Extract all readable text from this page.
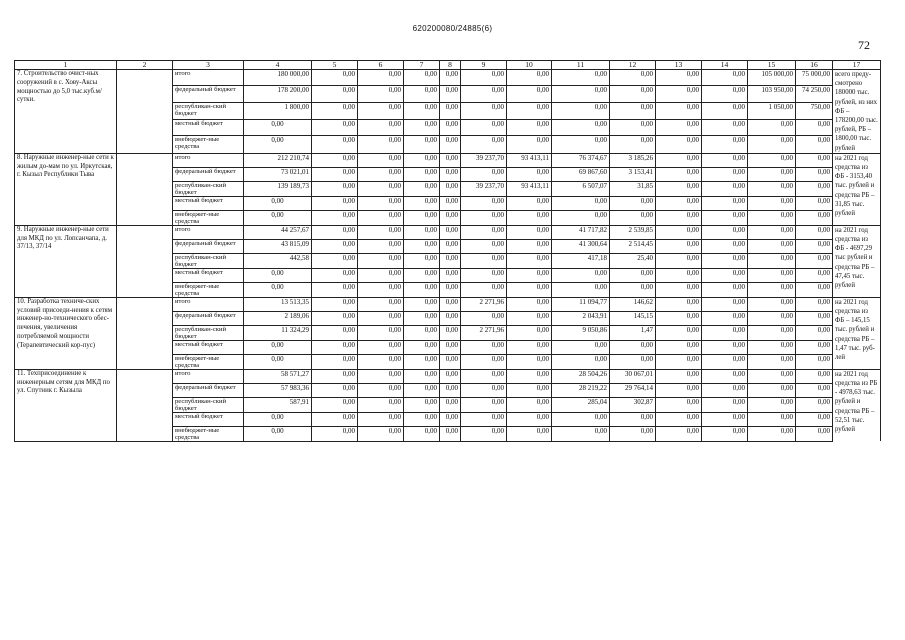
620200080/24885(6)
72
1	2	3	4	5	6	7	8	9	10	11	12	13	14	15	16	17
7. Строительство очист-ных сооружений в с. Хову-Аксы мощностью до 5,0 тыс.куб.м/сутки.		итого	180 000,00	0,00	0,00	0,00	0,00	0,00	0,00	0,00	0,00	0,00	0,00	105 000,00	75 000,00	всего преду-смотрено 180000 тыс. рублей, из них ФБ – 178200,00 тыс. рублей, РБ – 1800,00 тыс. рублей
		федеральный бюджет	178 200,00	0,00	0,00	0,00	0,00	0,00	0,00	0,00	0,00	0,00	0,00	103 950,00	74 250,00	
		республикан-ский бюджет	1 800,00	0,00	0,00	0,00	0,00	0,00	0,00	0,00	0,00	0,00	0,00	1 050,00	750,00	
		местный бюджет	0,00	0,00	0,00	0,00	0,00	0,00	0,00	0,00	0,00	0,00	0,00	0,00	0,00	
		внебюджет-ные средства	0,00	0,00	0,00	0,00	0,00	0,00	0,00	0,00	0,00	0,00	0,00	0,00	0,00	
8. Наружные инженер-ные сети к жилым до-мам по ул. Иркутская, г. Кызыл Республики Тыва		итого	212 210,74	0,00	0,00	0,00	0,00	39 237,70	93 413,11	76 374,67	3 185,26	0,00	0,00	0,00	0,00	на 2021 год средства из ФБ - 3153,40 тыс. рублей и средства РБ – 31,85 тыс. рублей
		федеральный бюджет	73 021,01	0,00	0,00	0,00	0,00	0,00	0,00	69 867,60	3 153,41	0,00	0,00	0,00	0,00	
		республикан-ский бюджет	139 189,73	0,00	0,00	0,00	0,00	39 237,70	93 413,11	6 507,07	31,85	0,00	0,00	0,00	0,00	
		местный бюджет	0,00	0,00	0,00	0,00	0,00	0,00	0,00	0,00	0,00	0,00	0,00	0,00	0,00	
		внебюджет-ные средства	0,00	0,00	0,00	0,00	0,00	0,00	0,00	0,00	0,00	0,00	0,00	0,00	0,00	
9. Наружные инженер-ные сети для МКД по ул. Лопсанчапа, д. 37/13, 37/14		итого	44 257,67	0,00	0,00	0,00	0,00	0,00	0,00	41 717,82	2 539,85	0,00	0,00	0,00	0,00	на 2021 год средства из ФБ - 4697,29 тыс рублей и средства РБ – 47,45 тыс. рублей
		федеральный бюджет	43 815,09	0,00	0,00	0,00	0,00	0,00	0,00	41 300,64	2 514,45	0,00	0,00	0,00	0,00	
		республикан-ский бюджет	442,58	0,00	0,00	0,00	0,00	0,00	0,00	417,18	25,40	0,00	0,00	0,00	0,00	
		местный бюджет	0,00	0,00	0,00	0,00	0,00	0,00	0,00	0,00	0,00	0,00	0,00	0,00	0,00	
		внебюджет-ные средства	0,00	0,00	0,00	0,00	0,00	0,00	0,00	0,00	0,00	0,00	0,00	0,00	0,00	
10. Разработка техниче-ских условий присоеди-нения к сетям инженер-но-технического обес-печения, увеличения потребляемой мощности (Терапевтический кор-пус)		итого	13 513,35	0,00	0,00	0,00	0,00	2 271,96	0,00	11 094,77	146,62	0,00	0,00	0,00	0,00	на 2021 год средства из ФБ – 145,15 тыс. рублей и средства РБ – 1,47 тыс. руб-лей
		федеральный бюджет	2 189,06	0,00	0,00	0,00	0,00	0,00	0,00	2 043,91	145,15	0,00	0,00	0,00	0,00	
		республикан-ский бюджет	11 324,29	0,00	0,00	0,00	0,00	2 271,96	0,00	9 050,86	1,47	0,00	0,00	0,00	0,00	
		местный бюджет	0,00	0,00	0,00	0,00	0,00	0,00	0,00	0,00	0,00	0,00	0,00	0,00	0,00	
		внебюджет-ные средства	0,00	0,00	0,00	0,00	0,00	0,00	0,00	0,00	0,00	0,00	0,00	0,00	0,00	
11. Техприсоединение к инженерным сетям для МКД по ул. Спутник г. Кызыла		итого	58 571,27	0,00	0,00	0,00	0,00	0,00	0,00	28 504,26	30 067,01	0,00	0,00	0,00	0,00	на 2021 год средства из РБ - 4978,63 тыс. рублей и средства РБ – 52,51 тыс. рублей
		федеральный бюджет	57 983,36	0,00	0,00	0,00	0,00	0,00	0,00	28 219,22	29 764,14	0,00	0,00	0,00	0,00	
		республикан-ский бюджет	587,91	0,00	0,00	0,00	0,00	0,00	0,00	285,04	302,87	0,00	0,00	0,00	0,00	
		местный бюджет	0,00	0,00	0,00	0,00	0,00	0,00	0,00	0,00	0,00	0,00	0,00	0,00	0,00	
		внебюджет-ные средства	0,00	0,00	0,00	0,00	0,00	0,00	0,00	0,00	0,00	0,00	0,00	0,00	0,00	
